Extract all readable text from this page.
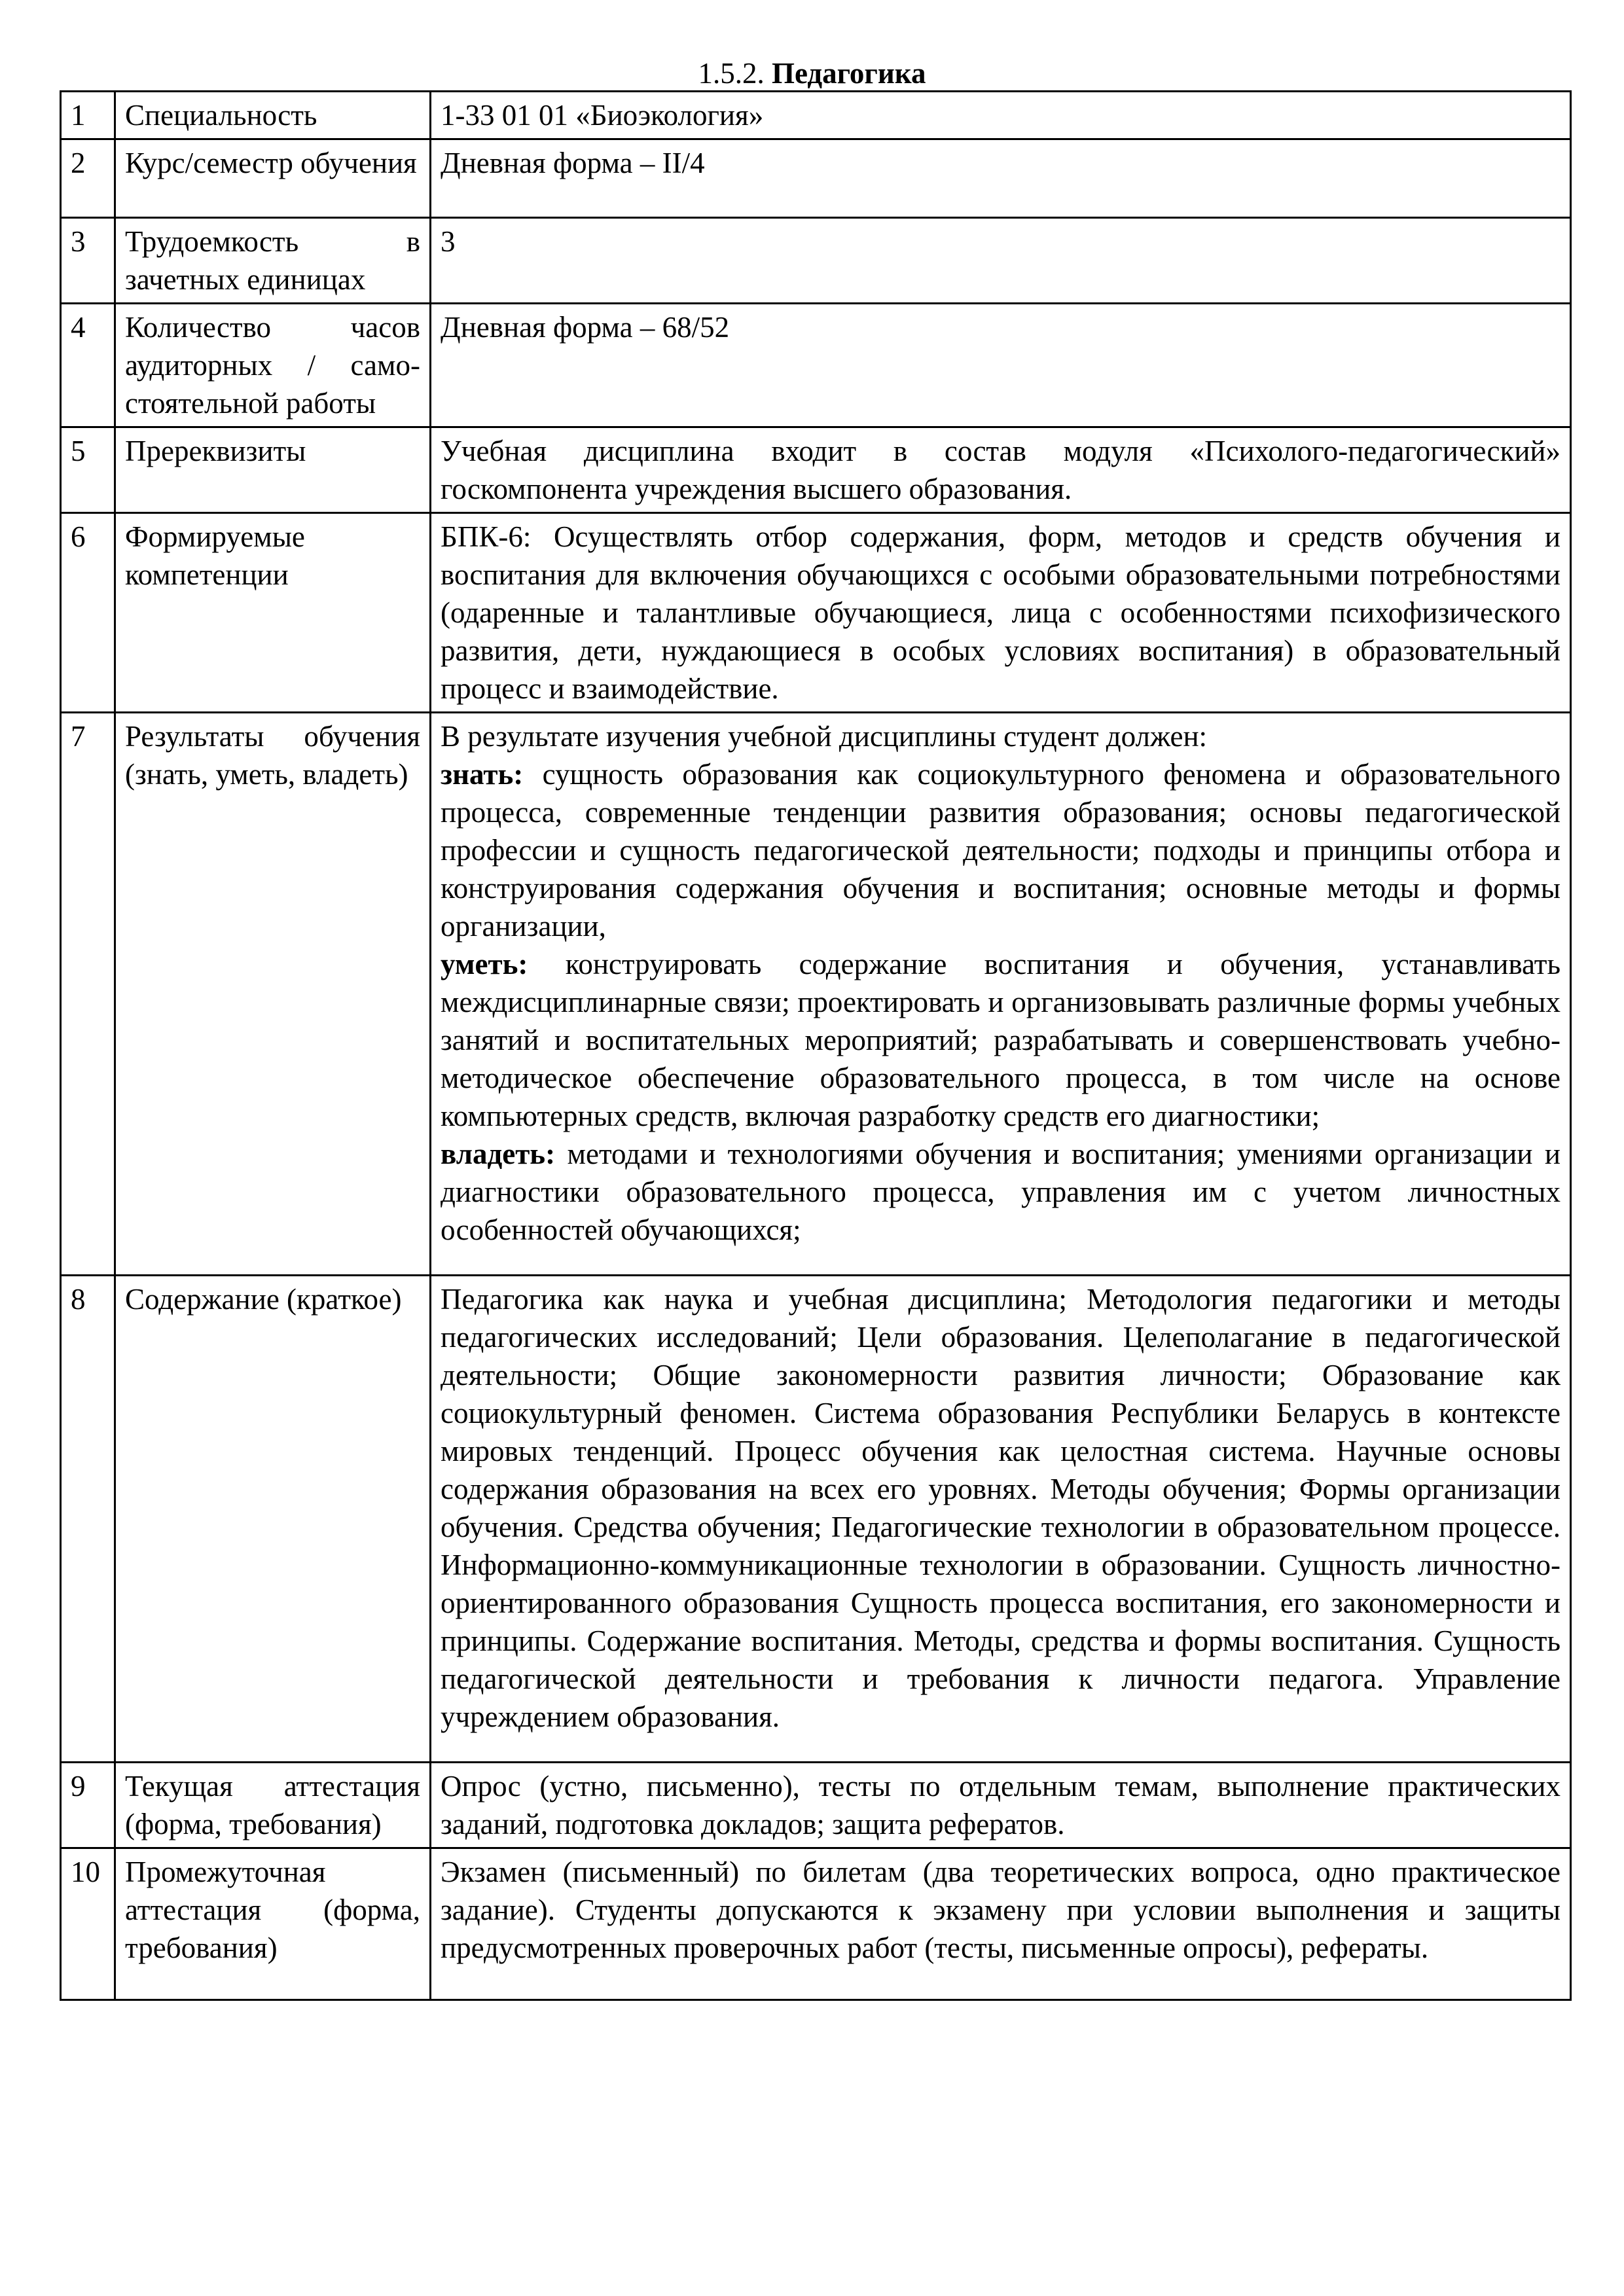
1.5.2. Педагогика
1	Специальность	1-33 01 01 «Биоэкология»
2	Курс/семестр обучения	Дневная форма – II/4
3	Трудоемкость в зачетных единицах	3
4	Количество часов аудиторных / само-стоятельной работы	Дневная форма – 68/52
5	Пререквизиты	Учебная дисциплина входит в состав модуля «Психолого-педагогический» госкомпонента учреждения высшего образования.
6	Формируемые компетенции	БПК-6: Осуществлять отбор содержания, форм, методов и средств обучения и воспитания для включения обучающихся с особыми образовательными потребностями (одаренные и талантливые обучающиеся, лица с особенностями психофизического развития, дети, нуждающиеся в особых условиях воспитания) в образовательный процесс и взаимодействие.
7	Результаты обучения (знать, уметь, владеть)	В результате изучения учебной дисциплины студент должен:
знать: сущность образования как социокультурного феномена и образовательного процесса, современные тенденции развития образования; основы педагогической профессии и сущность педагогической деятельности; подходы и принципы отбора и конструирования содержания обучения и воспитания; основные методы и формы организации,
уметь: конструировать содержание воспитания и обучения, устанавливать междисциплинарные связи; проектировать и организовывать различные формы учебных занятий и воспитательных мероприятий; разрабатывать и совершенствовать учебно-методическое обеспечение образовательного процесса, в том числе на основе компьютерных средств, включая разработку средств его диагностики;
владеть: методами и технологиями обучения и воспитания; умениями организации и диагностики образовательного процесса, управления им с учетом личностных особенностей обучающихся;

8	Содержание (краткое)	Педагогика как наука и учебная дисциплина; Методология педагогики и методы педагогических исследований; Цели образования. Целеполагание в педагогической деятельности; Общие закономерности развития личности; Образование как социокультурный феномен. Система образования Республики Беларусь в контексте мировых тенденций. Процесс обучения как целостная система. Научные основы содержания образования на всех его уровнях. Методы обучения; Формы организации обучения. Средства обучения; Педагогические технологии в образовательном процессе. Информационно-коммуникационные технологии в образовании. Сущность личностно-ориентированного образования Сущность процесса воспитания, его закономерности и принципы. Содержание воспитания. Методы, средства и формы воспитания. Сущность педагогической деятельности и требования к личности педагога. Управление учреждением образования.
9	Текущая аттестация (форма, требования)	Опрос (устно, письменно), тесты по отдельным темам, выполнение практических заданий, подготовка докладов; защита рефератов.
10	Промежуточная аттестация (форма, требования)	Экзамен (письменный) по билетам (два теоретических вопроса, одно практическое задание). Студенты допускаются к экзамену при условии выполнения и защиты предусмотренных проверочных работ (тесты, письменные опросы), рефераты.
